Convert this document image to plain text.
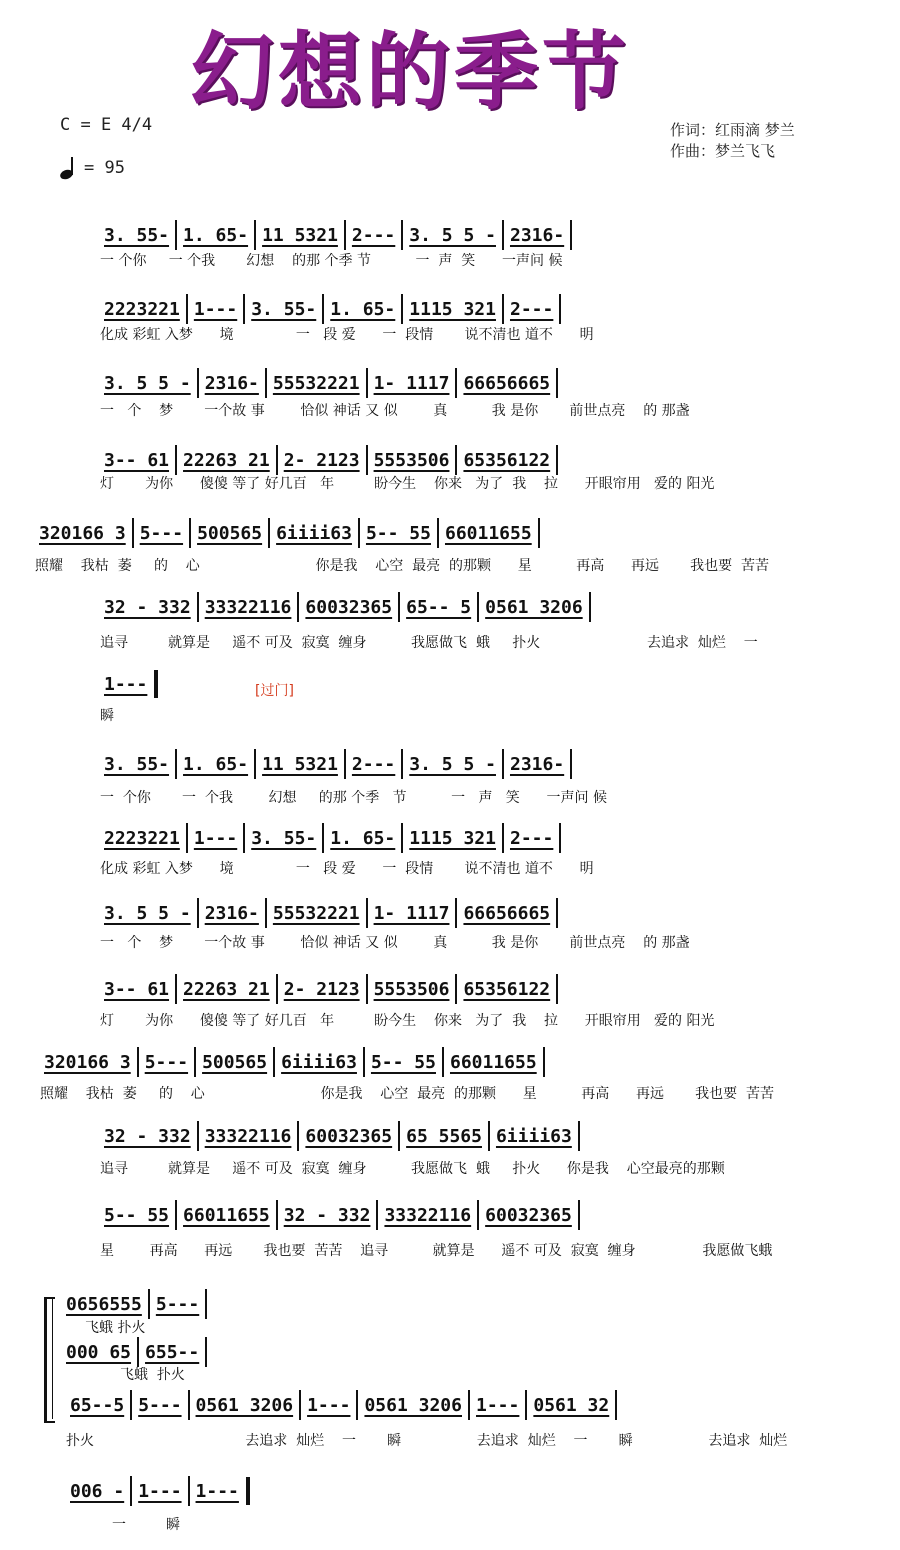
幻想的季节
C = E 4/4
= 95
作词：红雨滴 梦兰
作曲：梦兰飞飞
[过门]
3. 55- 1. 65- 11 5321 2--- 3. 5 5 - 2316-
一 个你     一 个我       幻想    的那 个季 节          一  声  笑      一声问 候
2223221 1--- 3. 55- 1. 65- 1115 321 2---
化成 彩虹 入梦      境              一   段 爱      一  段情       说不清也 道不      明
3. 5 5 - 2316- 55532221 1- 1117 66656665
一   个    梦       一个故 事        恰似 神话 又 似        真          我 是你       前世点亮    的 那盏
3-- 61 22263 21 2- 2123 5553506 65356122
灯       为你      傻傻 等了 好几百   年         盼今生    你来   为了  我    拉      开眼帘用   爱的 阳光
320166 3 5--- 500565 6iiii63 5-- 55 66011655
照耀    我枯  萎     的    心                          你是我    心空  最亮  的那颗      星          再高      再远       我也要  苦苦
32 - 332 33322116 60032365 65-- 5 0561 3206
追寻         就算是     遥不 可及  寂寞  缠身          我愿做飞  蛾     扑火                        去追求  灿烂    一
1---
瞬
3. 55- 1. 65- 11 5321 2--- 3. 5 5 - 2316-
一  个你       一  个我        幻想     的那 个季   节          一   声   笑      一声问 候
2223221 1--- 3. 55- 1. 65- 1115 321 2---
化成 彩虹 入梦      境              一   段 爱      一  段情       说不清也 道不      明
3. 5 5 - 2316- 55532221 1- 1117 66656665
一   个    梦       一个故 事        恰似 神话 又 似        真          我 是你       前世点亮    的 那盏
3-- 61 22263 21 2- 2123 5553506 65356122
灯       为你      傻傻 等了 好几百   年         盼今生    你来   为了  我    拉      开眼帘用   爱的 阳光
320166 3 5--- 500565 6iiii63 5-- 55 66011655
照耀    我枯  萎     的    心                          你是我    心空  最亮  的那颗      星          再高      再远       我也要  苦苦
32 - 332 33322116 60032365 65 5565 6iiii63
追寻         就算是     遥不 可及  寂寞  缠身          我愿做飞  蛾     扑火      你是我    心空最亮的那颗
5-- 55 66011655 32 - 332 33322116 60032365
星        再高      再远       我也要  苦苦    追寻          就算是      遥不 可及  寂寞  缠身               我愿做飞蛾
0656555 5---
飞蛾 扑火
000 65 655--
飞蛾  扑火
65--5 5--- 0561 3206 1--- 0561 3206 1--- 0561 32
扑火                                  去追求  灿烂    一       瞬                 去追求  灿烂    一       瞬                 去追求  灿烂
006 - 1--- 1---
一         瞬
